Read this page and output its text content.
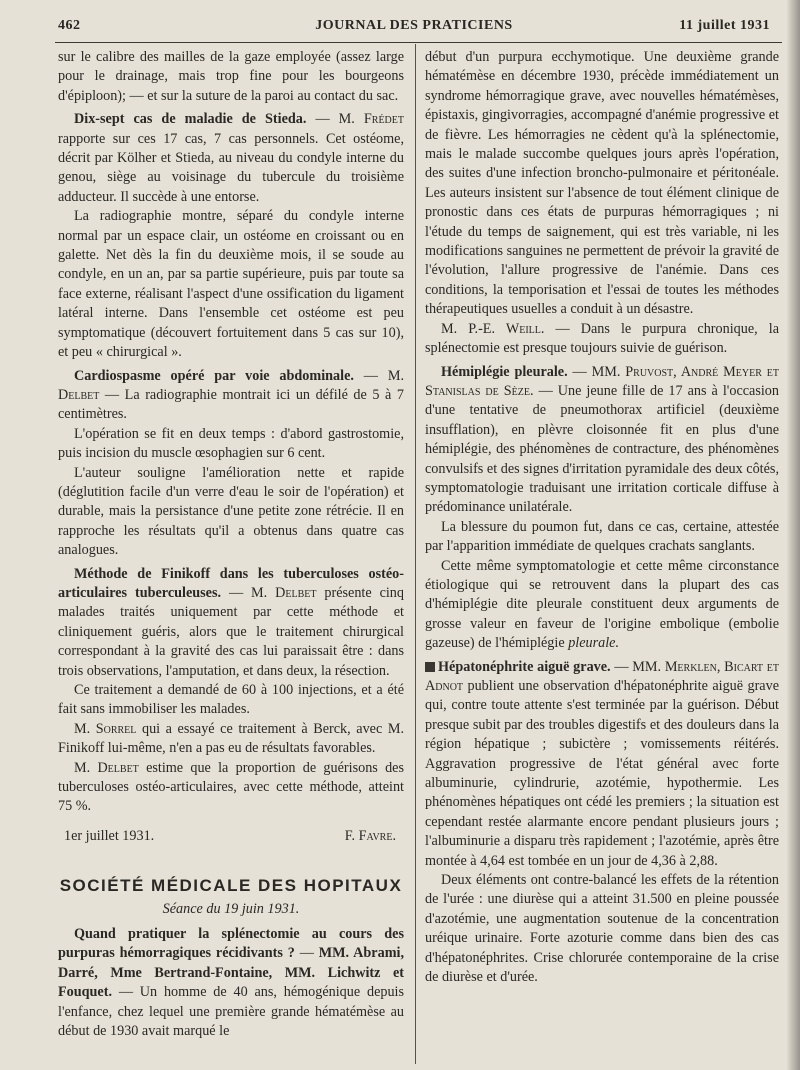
462	JOURNAL DES PRATICIENS	11 juillet 1931

sur le calibre des mailles de la gaze employée (assez large pour le drainage, mais trop fine pour les bourgeons d'épiploon); — et sur la suture de la paroi au contact du sac.

Dix-sept cas de maladie de Stieda. — M. Frédet rapporte sur ces 17 cas, 7 cas personnels. Cet ostéome, décrit par Kölher et Stieda, au niveau du condyle interne du genou, siège au voisinage du tubercule du troisième adducteur. Il succède à une entorse.

La radiographie montre, séparé du condyle interne normal par un espace clair, un ostéome en croissant ou en galette. Net dès la fin du deuxième mois, il se soude au condyle, en un an, par sa partie supérieure, puis par toute sa face externe, réalisant l'aspect d'une ossification du ligament latéral interne. Dans l'ensemble cet ostéome est peu symptomatique (découvert fortuitement dans 5 cas sur 10), et peu « chirurgical ».

Cardiospasme opéré par voie abdominale. — M. Delbet — La radiographie montrait ici un défilé de 5 à 7 centimètres.

L'opération se fit en deux temps : d'abord gastrostomie, puis incision du muscle œsophagien sur 6 cent.

L'auteur souligne l'amélioration nette et rapide (déglutition facile d'un verre d'eau le soir de l'opération) et durable, mais la persistance d'une petite zone rétrécie. Il en rapproche les résultats qu'il a obtenus dans quatre cas analogues.

Méthode de Finikoff dans les tuberculoses ostéo-articulaires tuberculeuses. — M. Delbet présente cinq malades traités uniquement par cette méthode et cliniquement guéris, alors que le traitement chirurgical correspondant à la gravité des cas lui paraissait être : dans trois observations, l'amputation, et dans deux, la résection.

Ce traitement a demandé de 60 à 100 injections, et a été fait sans immobiliser les malades.

M. Sorrel qui a essayé ce traitement à Berck, avec M. Finikoff lui-même, n'en a pas eu de résultats favorables.

M. Delbet estime que la proportion de guérisons des tuberculoses ostéo-articulaires, avec cette méthode, atteint 75 %.

1er juillet 1931.	F. Favre.
SOCIÉTÉ MÉDICALE DES HOPITAUX
Séance du 19 juin 1931.

Quand pratiquer la splénectomie au cours des purpuras hémorragiques récidivants ? — MM. Abrami, Darré, Mme Bertrand-Fontaine, MM. Lichwitz et Fouquet. — Un homme de 40 ans, hémogénique depuis l'enfance, chez lequel une première grande hématémèse au début de 1930 avait marqué le

début d'un purpura ecchymotique. Une deuxième grande hématémèse en décembre 1930, précède immédiatement un syndrome hémorragique grave, avec nouvelles hématémèses, épistaxis, gingivorragies, accompagné d'anémie progressive et de fièvre. Les hémorragies ne cèdent qu'à la splénectomie, mais le malade succombe quelques jours après l'opération, des suites d'une infection broncho-pulmonaire et péritonéale. Les auteurs insistent sur l'absence de tout élément clinique de pronostic dans ces états de purpuras hémorragiques ; ni l'étude du temps de saignement, qui est très variable, ni les modifications sanguines ne permettent de prévoir la gravité de l'évolution, l'allure progressive de l'anémie. Dans ces conditions, la temporisation et l'essai de toutes les méthodes thérapeutiques usuelles a conduit à un désastre.

M. P.-E. Weill. — Dans le purpura chronique, la splénectomie est presque toujours suivie de guérison.

Hémiplégie pleurale. — MM. Pruvost, André Meyer et Stanislas de Sèze. — Une jeune fille de 17 ans à l'occasion d'une tentative de pneumothorax artificiel (deuxième insufflation), en plèvre cloisonnée fit en plus d'une hémiplégie, des phénomènes de contracture, des phénomènes convulsifs et des signes d'irritation pyramidale des deux côtés, symptomatologie traduisant une irritation corticale diffuse à prédominance unilatérale.

La blessure du poumon fut, dans ce cas, certaine, attestée par l'apparition immédiate de quelques crachats sanglants.

Cette même symptomatologie et cette même circonstance étiologique qui se retrouvent dans la plupart des cas d'hémiplégie dite pleurale constituent deux arguments de grosse valeur en faveur de l'origine embolique (embolie gazeuse) de l'hémiplégie pleurale.

Hépatonéphrite aiguë grave. — MM. Merklen, Bicart et Adnot publient une observation d'hépatonéphrite aiguë grave qui, contre toute attente s'est terminée par la guérison. Début presque subit par des troubles digestifs et des douleurs dans la région hépatique ; subictère ; vomissements réitérés. Aggravation progressive de l'état général avec forte albuminurie, cylindrurie, azotémie, hypothermie. Les phénomènes hépatiques ont cédé les premiers ; la situation est cependant restée alarmante encore pendant plusieurs jours ; l'albuminurie a disparu très rapidement ; l'azotémie, après être montée à 4,64 est tombée en un jour de 4,36 à 2,88.

Deux éléments ont contre-balancé les effets de la rétention de l'urée : une diurèse qui a atteint 31.500 en pleine poussée d'azotémie, une augmentation soutenue de la concentration uréique urinaire. Forte azoturie comme dans bien des cas d'hépatonéphrites. Crise chlorurée contemporaine de la crise de diurèse et d'urée.
